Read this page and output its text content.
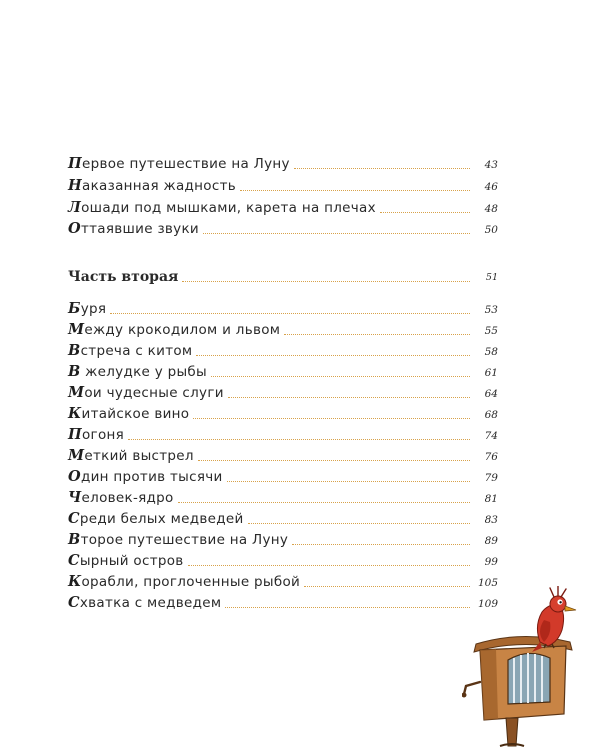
Первое путешествие на Луну	43
Наказанная жадность	46
Лошади под мышками, карета на плечах	48
Оттаявшие звуки	50
Часть вторая	51
Буря	53
Между крокодилом и львом	55
Встреча с китом	58
В желудке у рыбы	61
Мои чудесные слуги	64
Китайское вино	68
Погоня	74
Меткий выстрел	76
Один против тысячи	79
Человек-ядро	81
Среди белых медведей	83
Второе путешествие на Луну	89
Сырный остров	99
Корабли, проглоченные рыбой	105
Схватка с медведем	109
